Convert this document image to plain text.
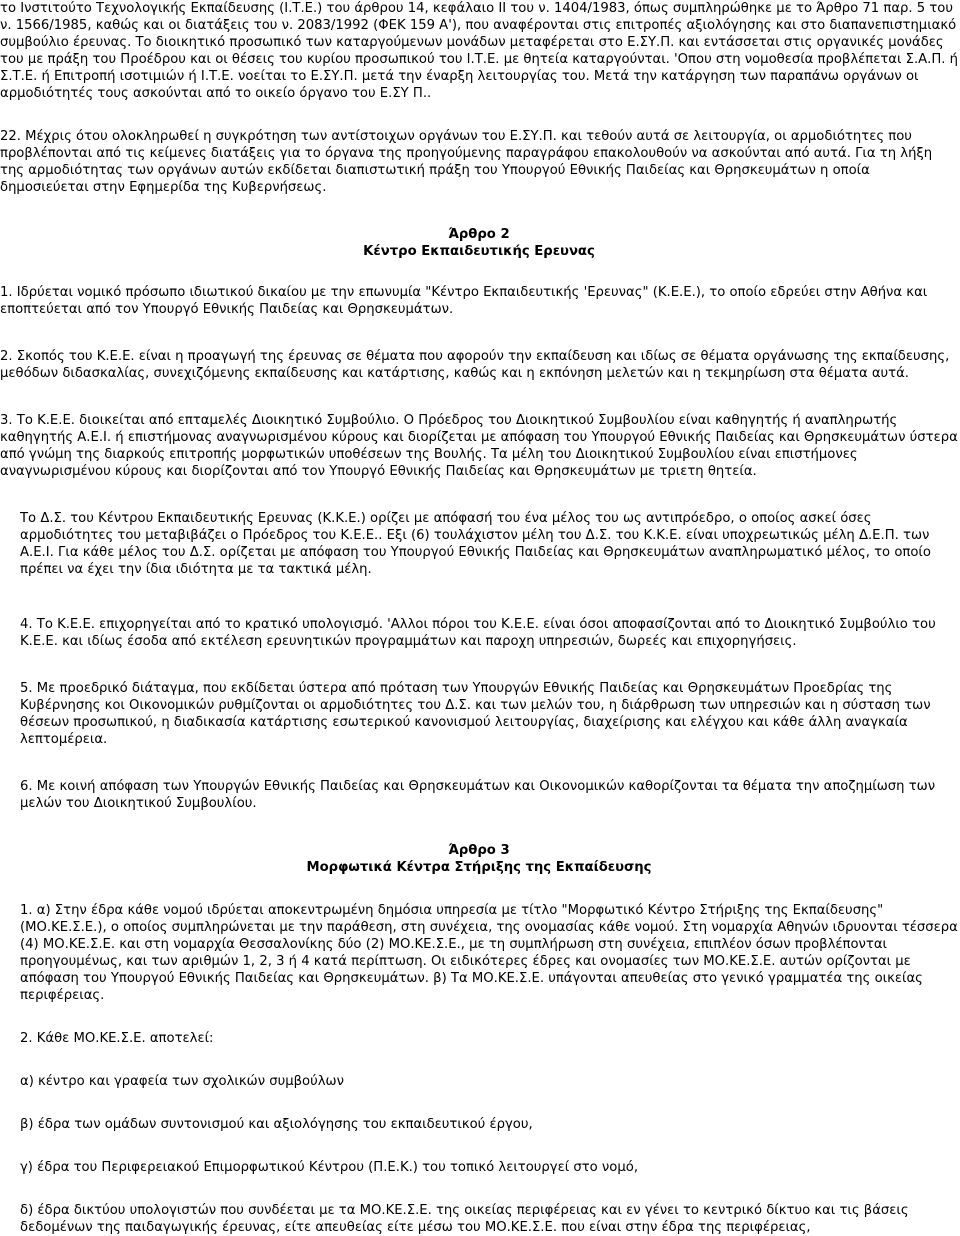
το Ινστιτούτο Τεχνολογικής Εκπαίδευσης (Ι.Τ.Ε.) του άρθρου 14, κεφάλαιο ΙΙ του ν. 1404/1983, όπως συμπληρώθηκε με το Άρθρο 71 παρ. 5 του ν. 1566/1985, καθώς και οι διατάξεις του ν. 2083/1992 (ΦΕΚ 159 Α'), που αναφέρονται στις επιτροπές αξιολόγησης και στο διαπανεπιστημιακό συμβούλιο έρευνας. Το διοικητικό προσωπικό των καταργούμενων μονάδων μεταφέρεται στο Ε.ΣΥ.Π. και εντάσσεται στις οργανικές μονάδες του με πράξη του Προέδρου και οι θέσεις του κυρίου προσωπικού του Ι.Τ.Ε. με θητεία καταργούνται. 'Οπου στη νομοθεσία προβλέπεται Σ.Α.Π. ή Σ.Τ.Ε. ή Επιτροπή ισοτιμιών ή Ι.Τ.Ε. νοείται το Ε.ΣΥ.Π. μετά την έναρξη λειτουργίας του. Μετά την κατάργηση των παραπάνω οργάνων οι αρμοδιότητές τους ασκούνται από το οικείο όργανο του Ε.ΣΥ Π..

22. Μέχρις ότου ολοκληρωθεί η συγκρότηση των αντίστοιχων οργάνων του Ε.ΣΥ.Π. και τεθούν αυτά σε λειτουργία, οι αρμοδιότητες που προβλέπονται από τις κείμενες διατάξεις για το όργανα της προηγούμενης παραγράφου επακολουθούν να ασκούνται από αυτά. Για τη λήξη της αρμοδιότητας των οργάνων αυτών εκδίδεται διαπιστωτική πράξη του Υπουργού Εθνικής Παιδείας και Θρησκευμάτων η οποία δημοσιεύεται στην Εφημερίδα της Κυβερνήσεως.

Άρθρο 2

Κέντρο Εκπαιδευτικής Ερευνας

1. Ιδρύεται νομικό πρόσωπο ιδιωτικού δικαίου με την επωνυμία "Κέντρο Εκπαιδευτικής 'Ερευνας" (Κ.Ε.Ε.), το οποίο εδρεύει στην Αθήνα και εποπτεύεται από τον Υπουργό Εθνικής Παιδείας και Θρησκευμάτων.

2. Σκοπός του Κ.Ε.Ε. είναι η προαγωγή της έρευνας σε θέματα που αφορούν την εκπαίδευση και ιδίως σε θέματα οργάνωσης της εκπαίδευσης, μεθόδων διδασκαλίας, συνεχιζόμενης εκπαίδευσης και κατάρτισης, καθώς και η εκπόνηση μελετών και η τεκμηρίωση στα θέματα αυτά.

3. Το Κ.Ε.Ε. διοικείται από επταμελές Διοικητικό Συμβούλιο. Ο Πρόεδρος του Διοικητικού Συμβουλίου είναι καθηγητής ή αναπληρωτής καθηγητής Α.Ε.Ι. ή επιστήμονας αναγνωρισμένου κύρους και διορίζεται με απόφαση του Υπουργού Εθνικής Παιδείας και Θρησκευμάτων ύστερα από γνώμη της διαρκούς επιτροπής μορφωτικών υποθέσεων της Βουλής. Τα μέλη του Διοικητικού Συμβουλίου είναι επιστήμονες αναγνωρισμένου κύρους και διορίζονται από τον Υπουργό Εθνικής Παιδείας και Θρησκευμάτων με τριετη θητεία.

Το Δ.Σ. του Κέντρου Εκπαιδευτικής Ερευνας (Κ.Κ.Ε.) ορίζει με απόφασή του ένα μέλος του ως αντιπρόεδρο, ο οποίος ασκεί όσες αρμοδιότητες του μεταβιβάζει ο Πρόεδρος του Κ.Ε.Ε.. Εξι (6) τουλάχιστον μέλη του Δ.Σ. του Κ.Κ.Ε. είναι υποχρεωτικώς μέλη Δ.Ε.Π. των Α.Ε.Ι. Για κάθε μέλος του Δ.Σ. ορίζεται με απόφαση του Υπουργού Εθνικής Παιδείας και Θρησκευμάτων αναπληρωματικό μέλος, το οποίο πρέπει να έχει την ίδια ιδιότητα με τα τακτικά μέλη.

4. Το Κ.Ε.Ε. επιχορηγείται από το κρατικό υπολογισμό. 'Αλλοι πόροι του Κ.Ε.Ε. είναι όσοι αποφασίζονται από το Διοικητικό Συμβούλιο του Κ.Ε.Ε. και ιδίως έσοδα από εκτέλεση ερευνητικών προγραμμάτων και παροχη υπηρεσιών, δωρεές και επιχορηγήσεις.

5. Με προεδρικό διάταγμα, που εκδίδεται ύστερα από πρόταση των Υπουργών Εθνικής Παιδείας και Θρησκευμάτων Προεδρίας της Κυβέρνησης κοι Οικονομικών ρυθμίζονται οι αρμοδιότητες του Δ.Σ. και των μελών του, η διάρθρωση των υπηρεσιών και η σύσταση των θέσεων προσωπικού, η διαδικασία κατάρτισης εσωτερικού κανονισμού λειτουργίας, διαχείρισης και ελέγχου και κάθε άλλη αναγκαία λεπτομέρεια.

6. Με κοινή απόφαση των Υπουργών Εθνικής Παιδείας και Θρησκευμάτων και Οικονομικών καθορίζονται τα θέματα την αποζημίωση των μελών του Διοικητικού Συμβουλίου.

Άρθρο 3

Μορφωτικά Κέντρα Στήριξης της Εκπαίδευσης

1. α) Στην έδρα κάθε νομού ιδρύεται αποκεντρωμένη δημόσια υπηρεσία με τίτλο "Μορφωτικό Κέντρο Στήριξης της Εκπαίδευσης" (ΜΟ.ΚΕ.Σ.Ε.), ο οποίος συμπληρώνεται με την παράθεση, στη συνέχεια, της ονομασίας κάθε νομού. Στη νομαρχία Αθηνών ιδρυονται τέσσερα (4) ΜΟ.ΚΕ.Σ.Ε. και στη νομαρχία Θεσσαλονίκης δύο (2) ΜΟ.ΚΕ.Σ.Ε., με τη συμπλήρωση στη συνέχεια, επιπλέον όσων προβλέπονται προηγουμένως, και των αριθμών 1, 2, 3 ή 4 κατά περίπτωση. Οι ειδικότερες έδρες και ονομασίες των ΜΟ.ΚΕ.Σ.Ε. αυτών ορίζονται με απόφαση του Υπουργού Εθνικής Παιδείας και Θρησκευμάτων. β) Τα ΜΟ.ΚΕ.Σ.Ε. υπάγονται απευθείας στο γενικό γραμματέα της οικείας περιφέρειας.

2. Κάθε ΜΟ.ΚΕ.Σ.Ε. αποτελεί:

α) κέντρο και γραφεία των σχολικών συμβούλων

β) έδρα των ομάδων συντονισμού και αξιολόγησης του εκπαιδευτικού έργου,

γ) έδρα του Περιφερειακού Επιμορφωτικού Κέντρου (Π.Ε.Κ.) του τοπικό λειτουργεί στο νομό,

δ) έδρα δικτύου υπολογιστών που συνδέεται με τα ΜΟ.ΚΕ.Σ.Ε. της οικείας περιφέρειας και εν γένει το κεντρικό δίκτυο και τις βάσεις δεδομένων της παιδαγωγικής έρευνας, είτε απευθείας είτε μέσω του ΜΟ.ΚΕ.Σ.Ε. που είναι στην έδρα της περιφέρειας,
